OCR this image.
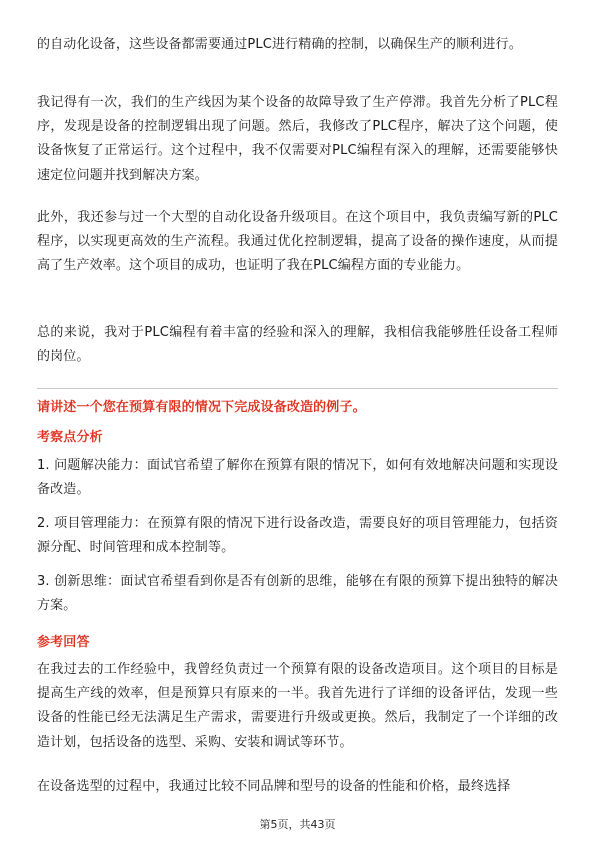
的自动化设备，这些设备都需要通过PLC进行精确的控制，以确保生产的顺利进行。

我记得有一次，我们的生产线因为某个设备的故障导致了生产停滞。我首先分析了PLC程序，发现是设备的控制逻辑出现了问题。然后，我修改了PLC程序，解决了这个问题，使设备恢复了正常运行。这个过程中，我不仅需要对PLC编程有深入的理解，还需要能够快速定位问题并找到解决方案。

此外，我还参与过一个大型的自动化设备升级项目。在这个项目中，我负责编写新的PLC程序，以实现更高效的生产流程。我通过优化控制逻辑，提高了设备的操作速度，从而提高了生产效率。这个项目的成功，也证明了我在PLC编程方面的专业能力。

总的来说，我对于PLC编程有着丰富的经验和深入的理解，我相信我能够胜任设备工程师的岗位。

请讲述一个您在预算有限的情况下完成设备改造的例子。

考察点分析

1. 问题解决能力：面试官希望了解你在预算有限的情况下，如何有效地解决问题和实现设备改造。

2. 项目管理能力：在预算有限的情况下进行设备改造，需要良好的项目管理能力，包括资源分配、时间管理和成本控制等。

3. 创新思维：面试官希望看到你是否有创新的思维，能够在有限的预算下提出独特的解决方案。

参考回答

在我过去的工作经验中，我曾经负责过一个预算有限的设备改造项目。这个项目的目标是提高生产线的效率，但是预算只有原来的一半。我首先进行了详细的设备评估，发现一些设备的性能已经无法满足生产需求，需要进行升级或更换。然后，我制定了一个详细的改造计划，包括设备的选型、采购、安装和调试等环节。

在设备选型的过程中，我通过比较不同品牌和型号的设备的性能和价格，最终选择

第5页，共43页
